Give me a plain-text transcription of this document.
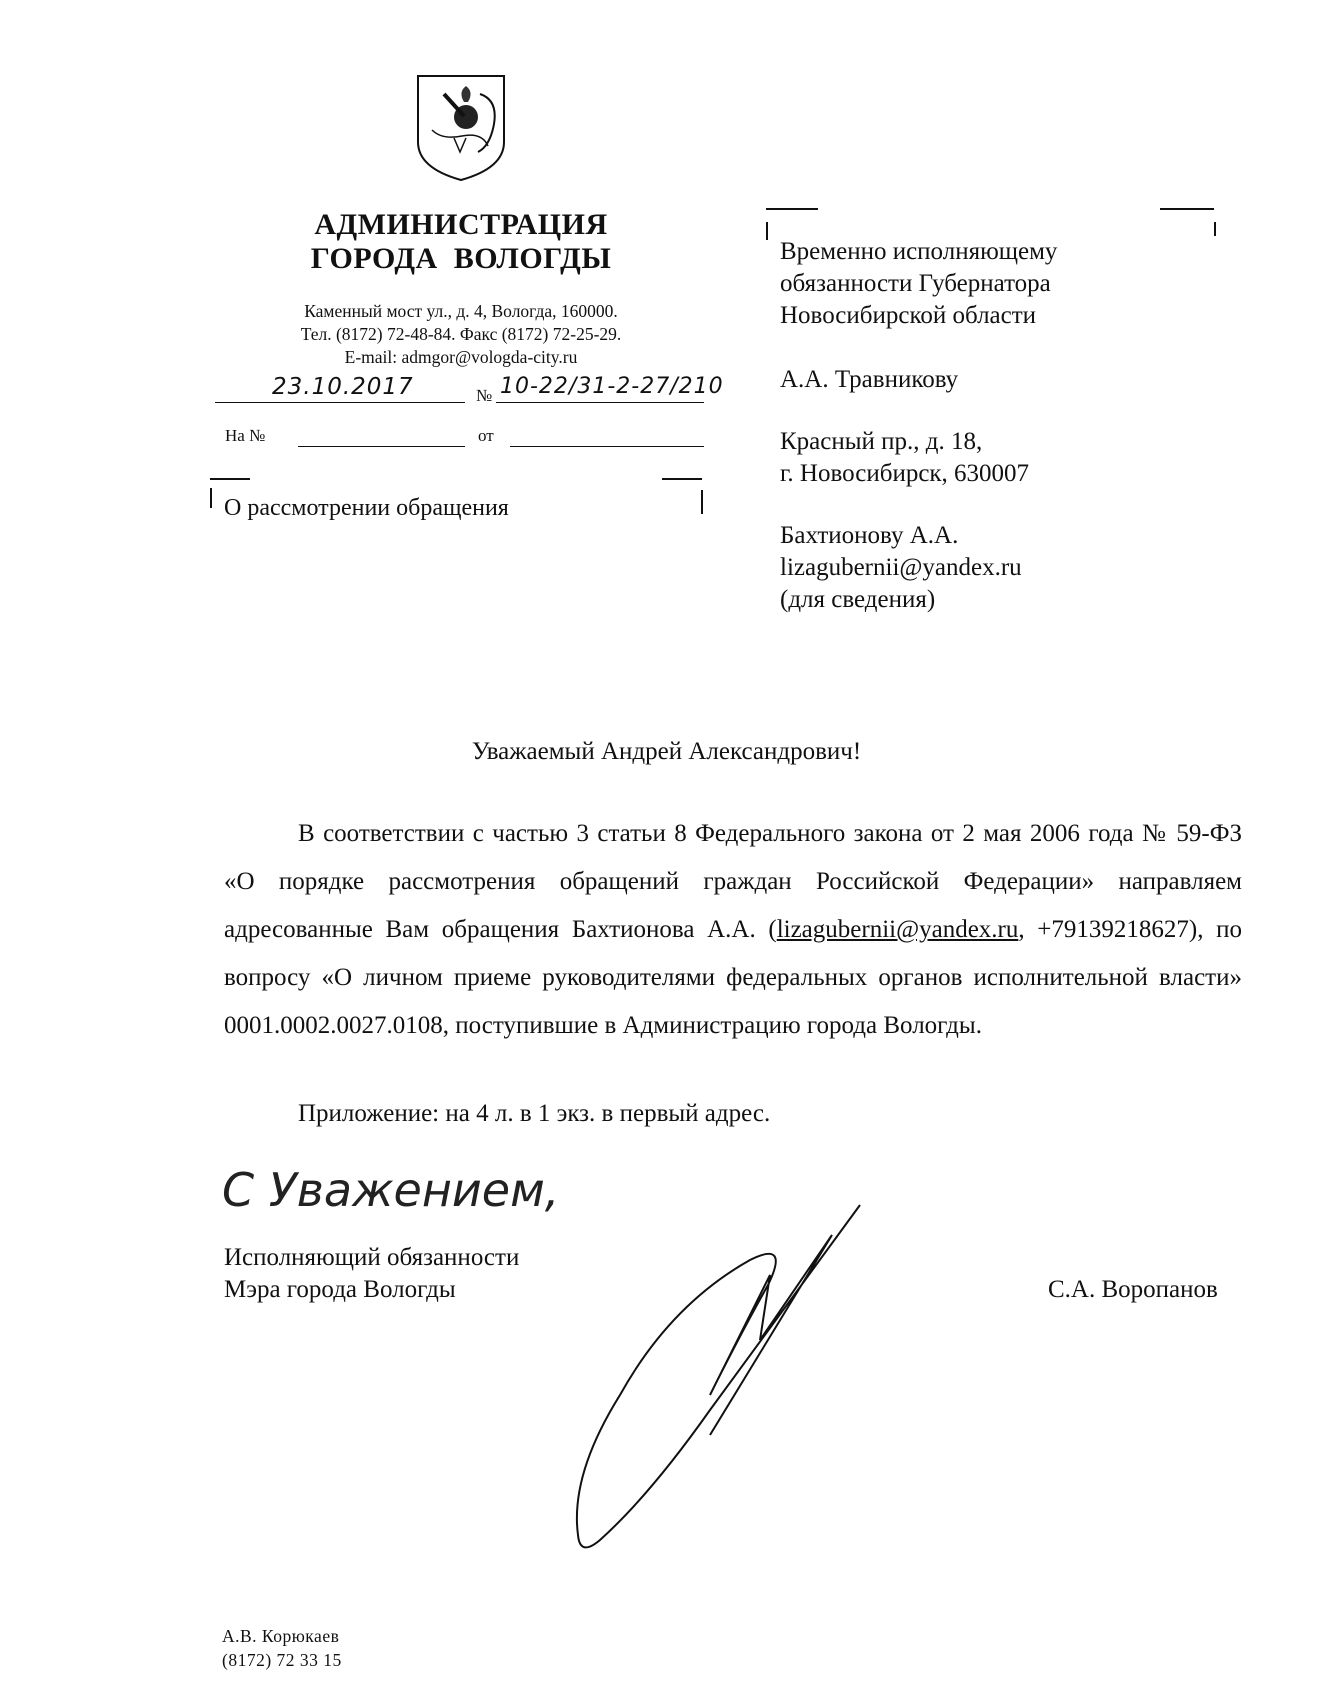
АДМИНИСТРАЦИЯ
ГОРОДА  ВОЛОГДЫ
Каменный мост ул., д. 4, Вологда, 160000.
Тел. (8172) 72-48-84. Факс (8172) 72-25-29.
E-mail: admgor@vologda-city.ru
23.10.2017	№ 10-22/31-2-27/210
На №	от
О рассмотрении обращения
Временно исполняющему
обязанности Губернатора
Новосибирской области
А.А. Травникову
Красный пр., д. 18,
г. Новосибирск, 630007
Бахтионову А.А.
lizagubernii@yandex.ru
(для сведения)
Уважаемый Андрей Александрович!
В соответствии с частью 3 статьи 8 Федерального закона от 2 мая 2006 года № 59-ФЗ «О порядке рассмотрения обращений граждан Российской Федерации» направляем адресованные Вам обращения Бахтионова А.А. (lizagubernii@yandex.ru, +79139218627), по вопросу «О личном приеме руководителями федеральных органов исполнительной власти» 0001.0002.0027.0108, поступившие в Администрацию города Вологды.
Приложение: на 4 л. в 1 экз. в первый адрес.
С Уважением,
Исполняющий обязанности
Мэра города Вологды	С.А. Воропанов
А.В. Корюкаев
(8172) 72 33 15
